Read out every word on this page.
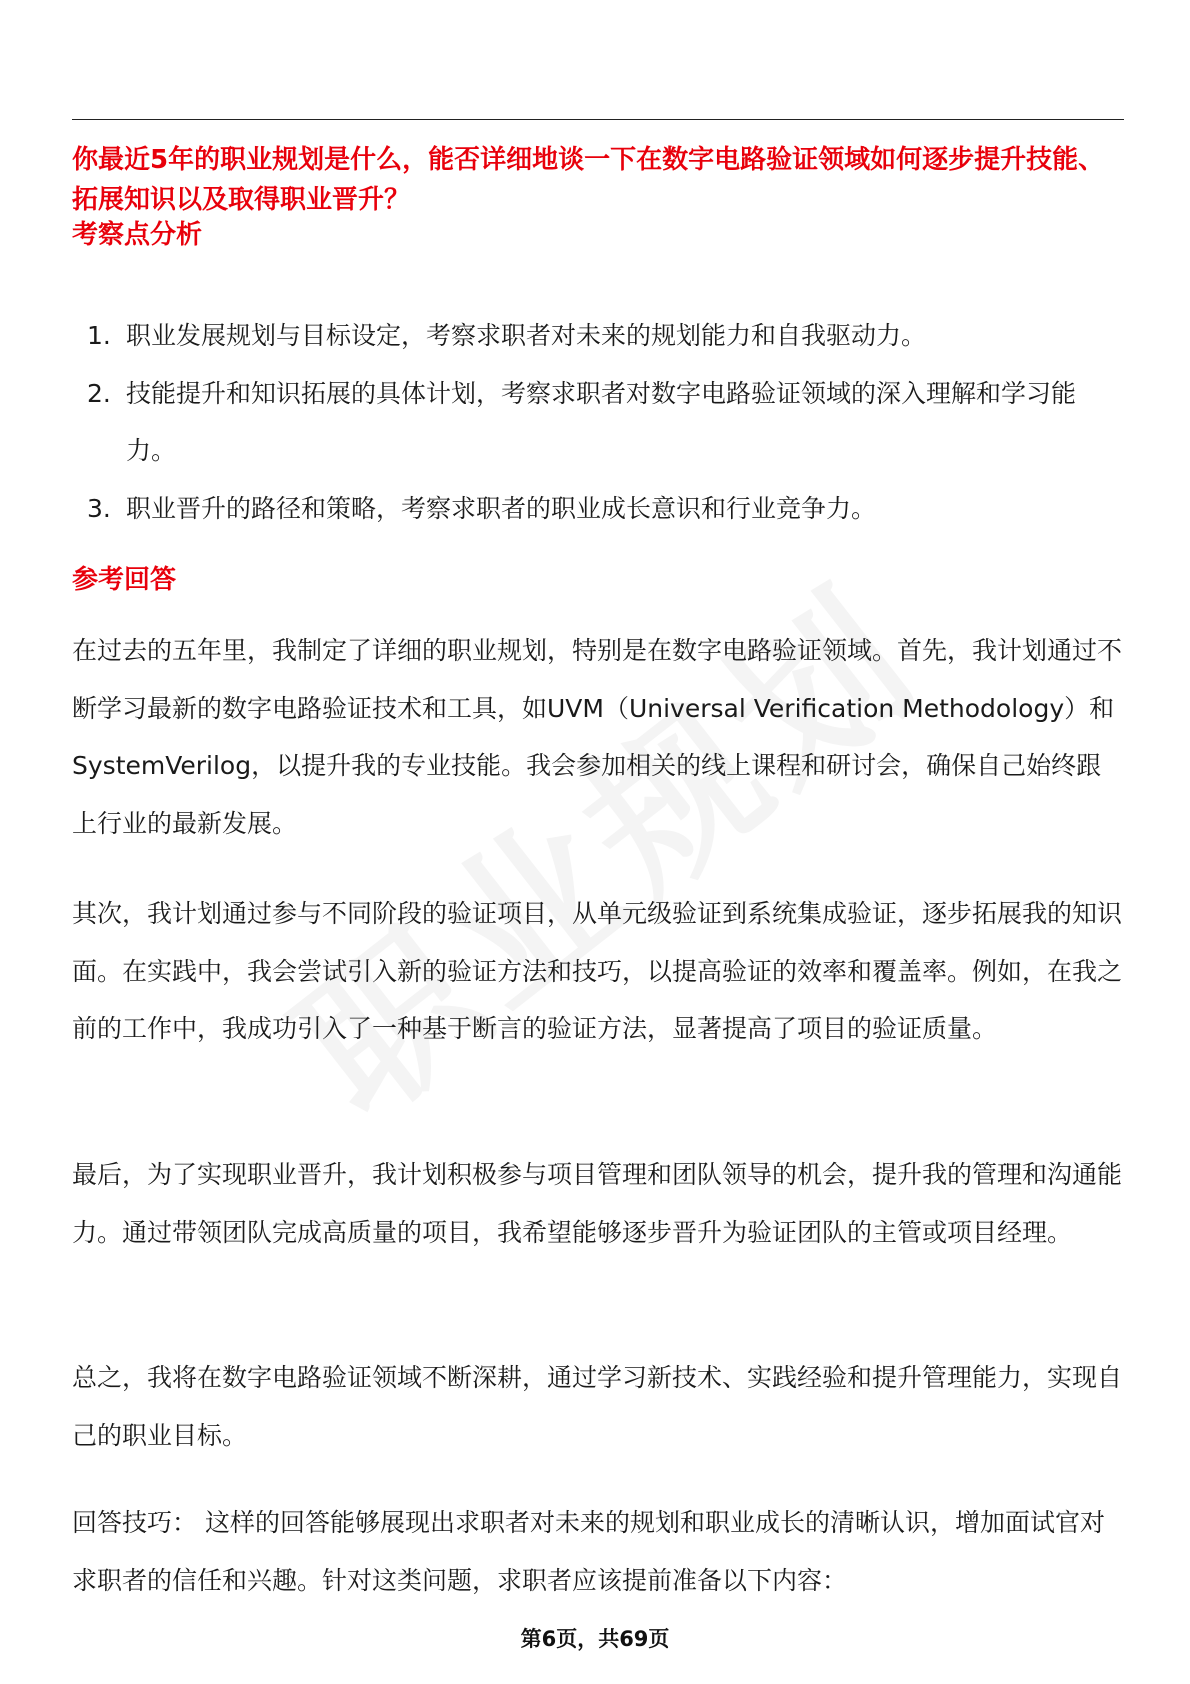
你最近5年的职业规划是什么，能否详细地谈一下在数字电路验证领域如何逐步提升技能、拓展知识以及取得职业晋升？
考察点分析
1. 职业发展规划与目标设定，考察求职者对未来的规划能力和自我驱动力。
2. 技能提升和知识拓展的具体计划，考察求职者对数字电路验证领域的深入理解和学习能力。
3. 职业晋升的路径和策略，考察求职者的职业成长意识和行业竞争力。
参考回答

在过去的五年里，我制定了详细的职业规划，特别是在数字电路验证领域。首先，我计划通过不断学习最新的数字电路验证技术和工具，如UVM（Universal Verification Methodology）和SystemVerilog，以提升我的专业技能。我会参加相关的线上课程和研讨会，确保自己始终跟上行业的最新发展。

其次，我计划通过参与不同阶段的验证项目，从单元级验证到系统集成验证，逐步拓展我的知识面。在实践中，我会尝试引入新的验证方法和技巧，以提高验证的效率和覆盖率。例如，在我之前的工作中，我成功引入了一种基于断言的验证方法，显著提高了项目的验证质量。

最后，为了实现职业晋升，我计划积极参与项目管理和团队领导的机会，提升我的管理和沟通能力。通过带领团队完成高质量的项目，我希望能够逐步晋升为验证团队的主管或项目经理。

总之，我将在数字电路验证领域不断深耕，通过学习新技术、实践经验和提升管理能力，实现自己的职业目标。

回答技巧： 这样的回答能够展现出求职者对未来的规划和职业成长的清晰认识，增加面试官对求职者的信任和兴趣。针对这类问题，求职者应该提前准备以下内容：

第6页，共69页
